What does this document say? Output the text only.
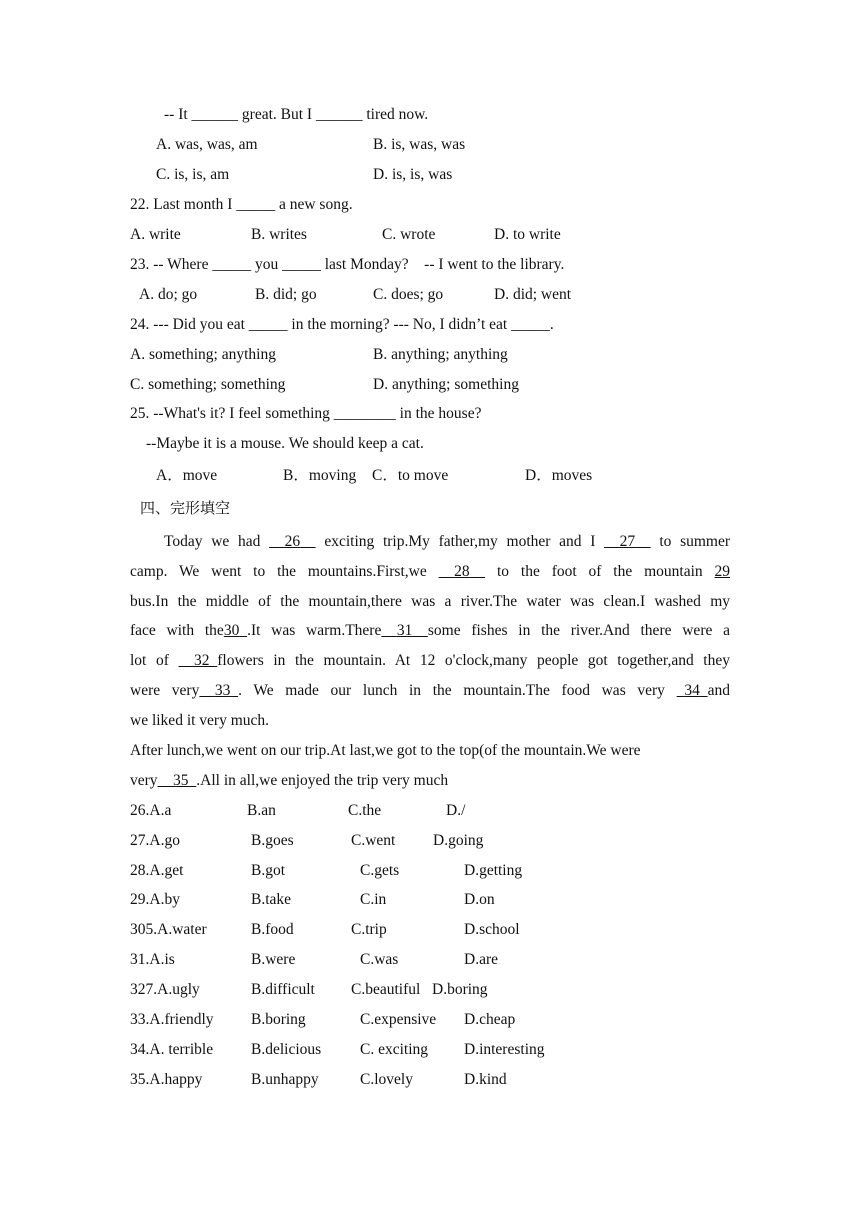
-- It ______ great. But I ______ tired now.
A. was, was, am	B. is, was, was
C. is, is, am	D. is, is, was
22. Last month I _____ a new song.
A. write	B. writes	C. wrote	D. to write
23. -- Where _____ you _____ last Monday?    -- I went to the library.
A. do; go	B. did; go	C. does; go	D. did; went
24. --- Did you eat _____ in the morning? --- No, I didn’t eat _____.
A. something; anything	B. anything; anything
C. something; something	D. anything; something
25. --What's it? I feel something ________ in the house?
--Maybe it is a mouse. We should keep a cat.
A．move	B．moving C．to move	D．moves
四、完形填空
Today we had   26  exciting trip.My father,my mother and I   27  to summer
camp. We went to the mountains.First,we   28  to the foot of the mountain 29
bus.In the middle of the mountain,there was a river.The water was clean.I washed my
face with the30  .It was warm.There  31  some fishes in the river.And there were a
lot of   32  flowers in the mountain. At 12 o'clock,many people got together,and they
were very  33  . We made our lunch in the mountain.The food was very   34  and
we liked it very much.
After lunch,we went on our trip.At last,we got to the top(of the mountain.We were
very  35  .All in all,we enjoyed the trip very much
26.A.a	B.an	C.the	D./
27.A.go	B.goes	C.went D.going
28.A.get	B.got	C.gets	D.getting
29.A.by	B.take	C.in	D.on
305.A.water	B.food	C.trip	D.school
31.A.is	B.were	C.was	D.are
327.A.ugly	B.difficult C.beautiful D.boring
33.A.friendly B.boring	C.expensive D.cheap
34.A. terrible B.delicious	C. exciting D.interesting
35.A.happy	B.unhappy	C.lovely	D.kind
